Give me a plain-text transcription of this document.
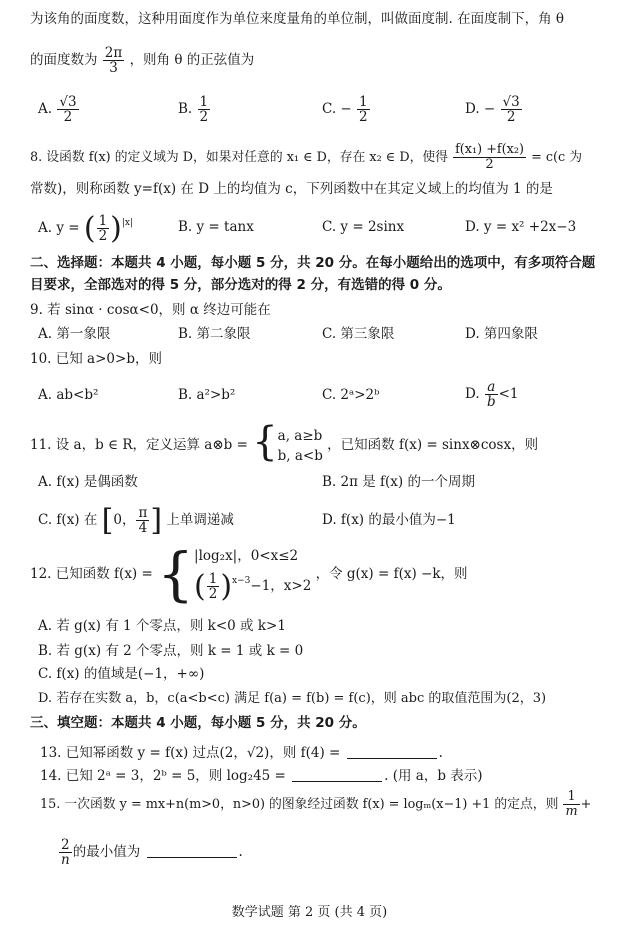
为该角的面度数，这种用面度作为单位来度量角的单位制，叫做面度制. 在面度制下，角 θ
的面度数为 $\frac{2\pi}{3}$ ，则角 θ 的正弦值为
A. $\frac{√3}{2}$	B. $\frac{1}{2}$	C. − $\frac{1}{2}$	D. − $\frac{√3}{2}$
8. 设函数 f(x) 的定义域为 D，如果对任意的 x₁ ∈ D，存在 x₂ ∈ D，使得 $\frac{\text{f(x₁) +f(x₂)}}{2} = c(c$ 为
常数)，则称函数 y=f(x) 在 D 上的均值为 c，下列函数中在其定义域上的均值为 1 的是
A. y = ( $\frac{1}{2} )^{|x|}$	B. y = tanx	C. y = 2sinx	D. y = x² +2x−3
二、选择题：本题共 4 小题，每小题 5 分，共 20 分。在每小题给出的选项中，有多项符合题
目要求，全部选对的得 5 分，部分选对的得 2 分，有选错的得 0 分。
9. 若 sinα · cosα<0，则 α 终边可能在
A. 第一象限	B. 第二象限	C. 第三象限	D. 第四象限
10. 已知 a>0>b，则
A. ab<b²	B. a²>b²	C. 2ᵃ>2ᵇ	D. $\frac{a}{b} <1$
11. 设 a，b ∈ R，定义运算 a⊗b = { a, a≥b
b, a<b
，已知函数 f(x) = sinx⊗cosx，则
A. f(x) 是偶函数	B. 2π 是 f(x) 的一个周期
C. f(x) 在 [0， $\frac{\pi}{4}$ ] 上单调递减	D. f(x) 的最小值为−1
12. 已知函数 f(x) = { |log₂x|，0<x≤2
( $\frac{1}{2} )^{x-3}-1$，x>2
，令 g(x) = f(x) −k，则
A. 若 g(x) 有 1 个零点，则 k<0 或 k>1
B. 若 g(x) 有 2 个零点，则 k = 1 或 k = 0
C. f(x) 的值域是(−1，+∞)
D. 若存在实数 a，b，c(a<b<c) 满足 f(a) = f(b) = f(c)，则 abc 的取值范围为(2，3)
三、填空题：本题共 4 小题，每小题 5 分，共 20 分。
13. 已知幂函数 y = f(x) 过点(2，√2)，则 f(4) =	.
14. 已知 2ᵃ = 3，2ᵇ = 5，则 log₂45 =	. (用 a，b 表示)
15. 一次函数 y = mx+n(m>0，n>0) 的图象经过函数 f(x) = logₘ(x−1) +1 的定点，则 $\frac{1}{m}$ +
$\frac{2}{n}$ 的最小值为	.
数学试题 第 2 页 (共 4 页)
